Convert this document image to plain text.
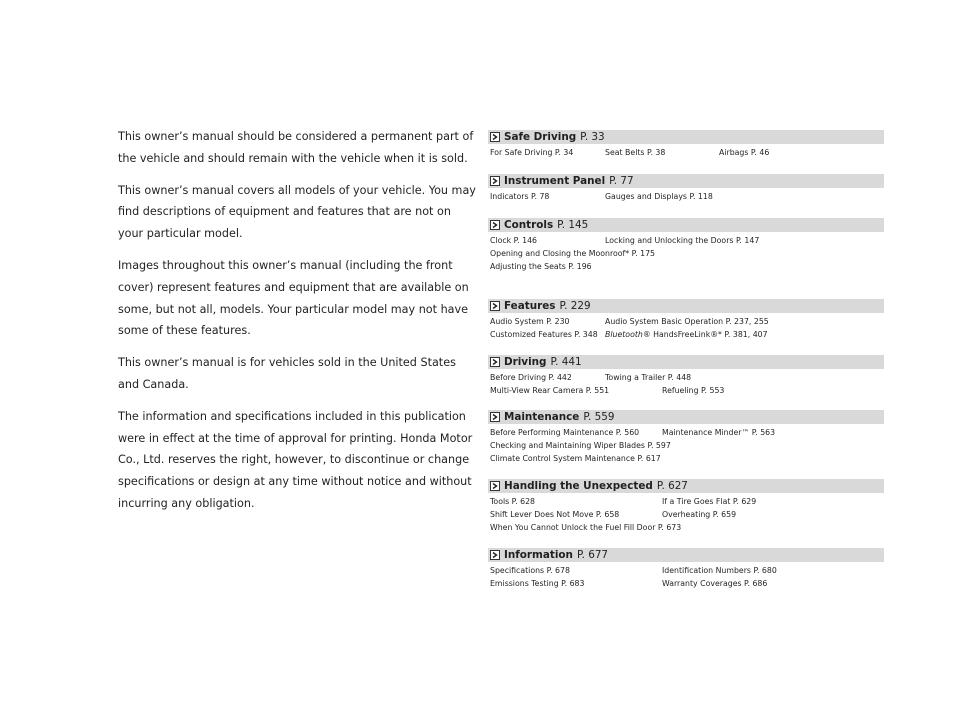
This owner’s manual should be considered a permanent part of the vehicle and should remain with the vehicle when it is sold.

This owner’s manual covers all models of your vehicle. You may find descriptions of equipment and features that are not on your particular model.

Images throughout this owner’s manual (including the front cover) represent features and equipment that are available on some, but not all, models. Your particular model may not have some of these features.

This owner’s manual is for vehicles sold in the United States and Canada.

The information and specifications included in this publication were in effect at the time of approval for printing. Honda Motor Co., Ltd. reserves the right, however, to discontinue or change specifications or design at any time without notice and without incurring any obligation.

Safe Driving P. 33
For Safe Driving P. 34	Seat Belts P. 38	Airbags P. 46
Instrument Panel P. 77
Indicators P. 78	Gauges and Displays P. 118
Controls P. 145
Clock P. 146	Locking and Unlocking the Doors P. 147
Opening and Closing the Moonroof* P. 175
Adjusting the Seats P. 196
Features P. 229
Audio System P. 230	Audio System Basic Operation P. 237, 255
Customized Features P. 348 Bluetooth® HandsFreeLink®* P. 381, 407
Driving P. 441
Before Driving P. 442	Towing a Trailer P. 448
Multi-View Rear Camera P. 551	Refueling P. 553
Maintenance P. 559
Before Performing Maintenance P. 560	Maintenance Minder™ P. 563
Checking and Maintaining Wiper Blades P. 597
Climate Control System Maintenance P. 617
Handling the Unexpected P. 627
Tools P. 628	If a Tire Goes Flat P. 629
Shift Lever Does Not Move P. 658	Overheating P. 659
When You Cannot Unlock the Fuel Fill Door P. 673
Information P. 677
Specifications P. 678	Identification Numbers P. 680
Emissions Testing P. 683	Warranty Coverages P. 686
